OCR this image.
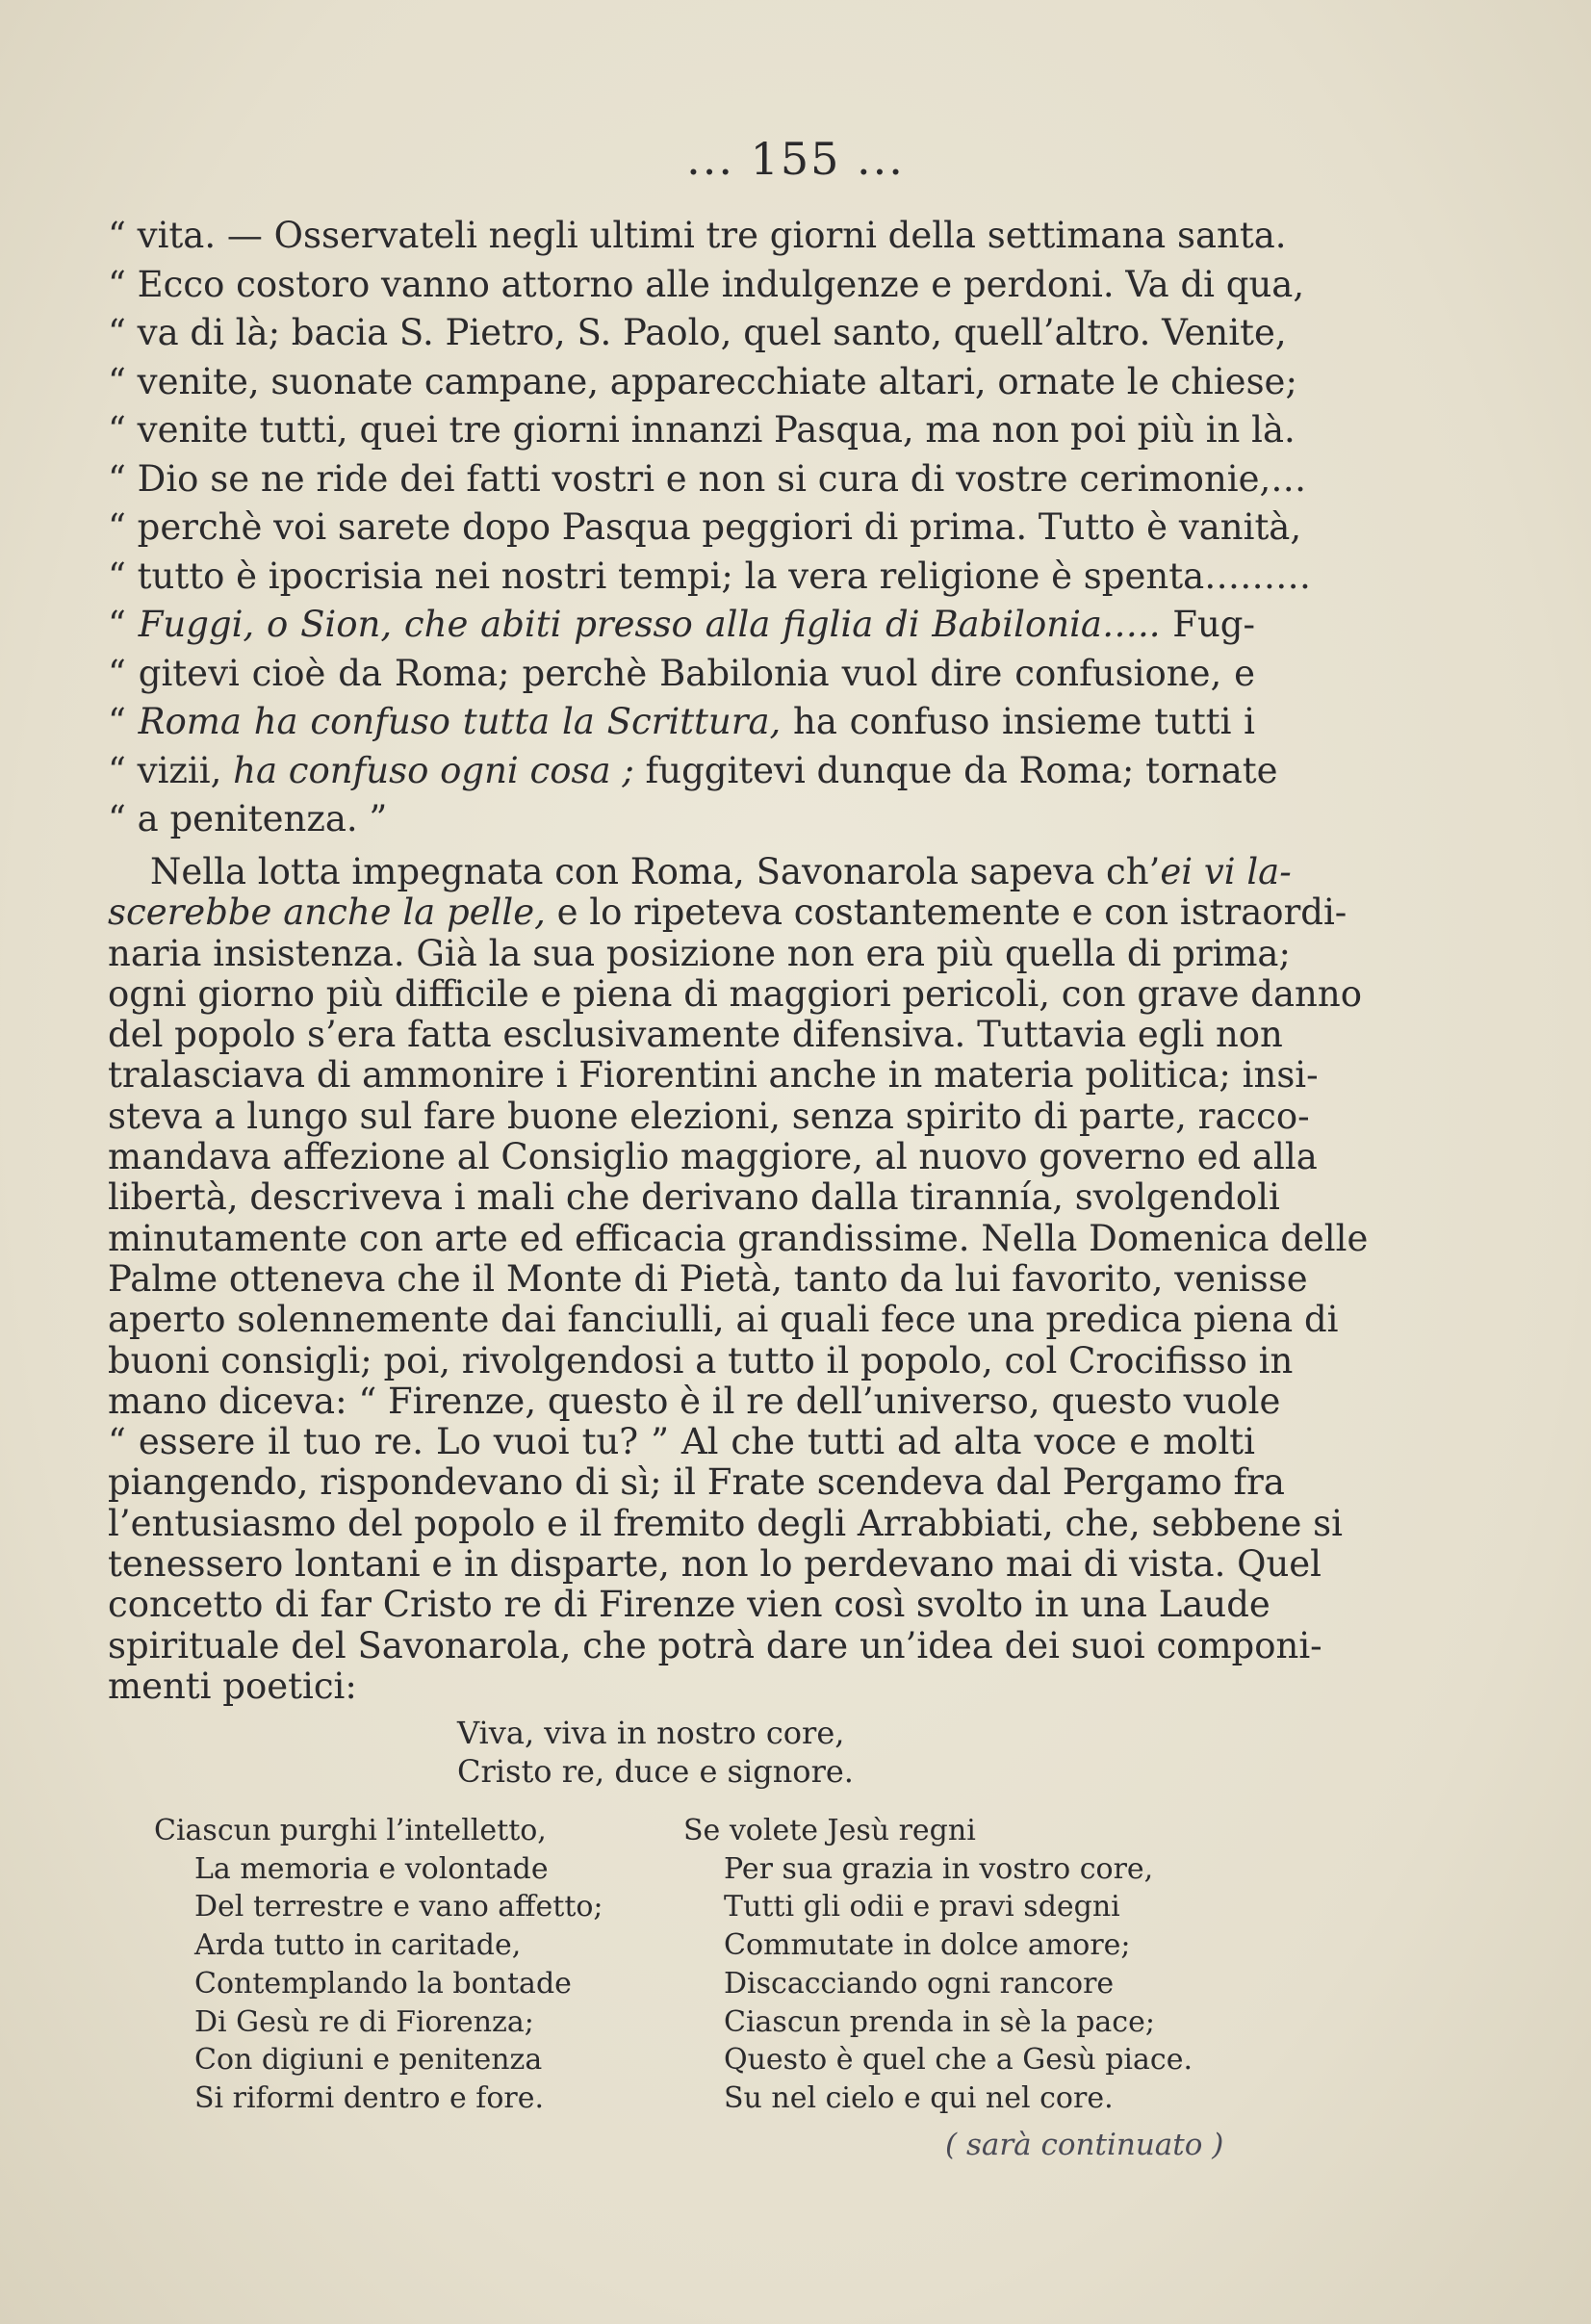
... 155 ...
“ vita. — Osservateli negli ultimi tre giorni della settimana santa.
“ Ecco costoro vanno attorno alle indulgenze e perdoni. Va di qua,
“ va di là; bacia S. Pietro, S. Paolo, quel santo, quell’altro. Venite,
“ venite, suonate campane, apparecchiate altari, ornate le chiese;
“ venite tutti, quei tre giorni innanzi Pasqua, ma non poi più in là.
“ Dio se ne ride dei fatti vostri e non si cura di vostre cerimonie,…
“ perchè voi sarete dopo Pasqua peggiori di prima. Tutto è vanità,
“ tutto è ipocrisia nei nostri tempi; la vera religione è spenta………
“ Fuggi, o Sion, che abiti presso alla figlia di Babilonia….. Fug-
“ gitevi cioè da Roma; perchè Babilonia vuol dire confusione, e
“ Roma ha confuso tutta la Scrittura, ha confuso insieme tutti i
“ vizii, ha confuso ogni cosa ; fuggitevi dunque da Roma; tornate
“ a penitenza. ”
Nella lotta impegnata con Roma, Savonarola sapeva ch’ei vi la-
scerebbe anche la pelle, e lo ripeteva costantemente e con istraordi-
naria insistenza. Già la sua posizione non era più quella di prima;
ogni giorno più difficile e piena di maggiori pericoli, con grave danno
del popolo s’era fatta esclusivamente difensiva. Tuttavia egli non
tralasciava di ammonire i Fiorentini anche in materia politica; insi-
steva a lungo sul fare buone elezioni, senza spirito di parte, racco-
mandava affezione al Consiglio maggiore, al nuovo governo ed alla
libertà, descriveva i mali che derivano dalla tirannía, svolgendoli
minutamente con arte ed efficacia grandissime. Nella Domenica delle
Palme otteneva che il Monte di Pietà, tanto da lui favorito, venisse
aperto solennemente dai fanciulli, ai quali fece una predica piena di
buoni consigli; poi, rivolgendosi a tutto il popolo, col Crocifisso in
mano diceva: “ Firenze, questo è il re dell’universo, questo vuole
“ essere il tuo re. Lo vuoi tu? ” Al che tutti ad alta voce e molti
piangendo, rispondevano di sì; il Frate scendeva dal Pergamo fra
l’entusiasmo del popolo e il fremito degli Arrabbiati, che, sebbene si
tenessero lontani e in disparte, non lo perdevano mai di vista. Quel
concetto di far Cristo re di Firenze vien così svolto in una Laude
spirituale del Savonarola, che potrà dare un’idea dei suoi componi-
menti poetici:
Viva, viva in nostro core,
Cristo re, duce e signore.
Ciascun purghi l’intelletto,
La memoria e volontade
Del terrestre e vano affetto;
Arda tutto in caritade,
Contemplando la bontade
Di Gesù re di Fiorenza;
Con digiuni e penitenza
Si riformi dentro e fore.
Se volete Jesù regni
Per sua grazia in vostro core,
Tutti gli odii e pravi sdegni
Commutate in dolce amore;
Discacciando ogni rancore
Ciascun prenda in sè la pace;
Questo è quel che a Gesù piace.
Su nel cielo e qui nel core.
( sarà continuato )
